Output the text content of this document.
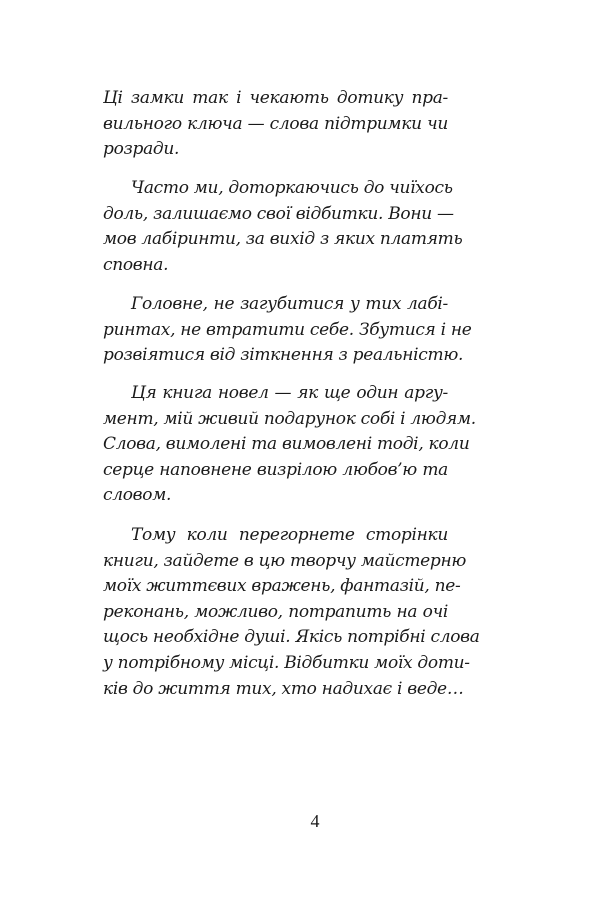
Ці замки так і чекають дотику пра-
вильного ключа — слова підтримки чи
розради.
Часто ми, доторкаючись до чиїхось
доль, залишаємо свої відбитки. Вони —
мов лабіринти, за вихід з яких платять
сповна.
Головне, не загубитися у тих лабі-
ринтах, не втратити себе. Збутися і не
розвіятися від зіткнення з реальністю.
Ця книга новел — як ще один аргу-
мент, мій живий подарунок собі і людям.
Слова, вимолені та вимовлені тоді, коли
серце наповнене визрілою любов’ю та
словом.
Тому коли перегорнете сторінки
книги, зайдете в цю творчу майстерню
моїх життєвих вражень, фантазій, пе-
реконань, можливо, потрапить на очі
щось необхідне душі. Якісь потрібні слова
у потрібному місці. Відбитки моїх доти-
ків до життя тих, хто надихає і веде…
4
